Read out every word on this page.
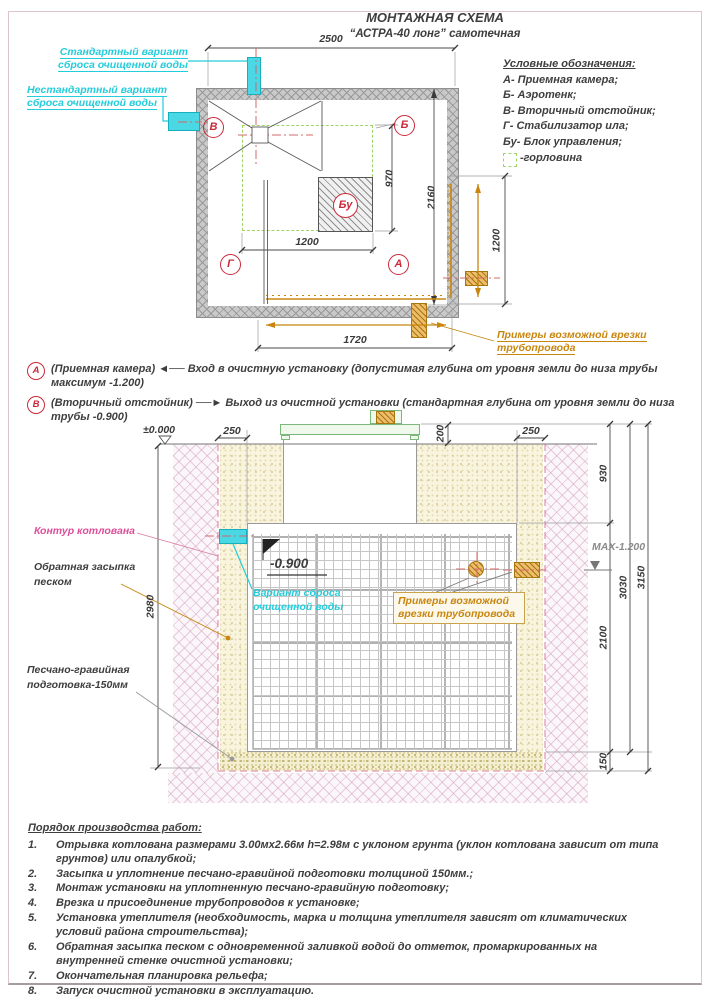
МОНТАЖНАЯ СХЕМА
“АСТРА-40 лонг” самотечная
В	Б
Г	А
Бу
2500
970
2160
1200	1200
1720
Стандартный вариант
сброса очищенной воды
Нестандартный вариант
сброса очищенной воды
Примеры возможной врезки
трубопровода
Условные обозначения:
А- Приемная камера;
Б- Аэротенк;
В- Вторичный отстойник;
Г- Стабилизатор ила;
Бу- Блок управления;
-горловина
А	(Приемная камера) ◄── Вход в очистную установку (допустимая глубина от уровня земли до низа трубы максимум -1.200)
В	(Вторичный отстойник) ──► Выход из очистной установки (стандартная глубина от уровня земли до низа трубы -0.900)
±0.000	250	200	250
930
2100
150
3030 3150
2980
МАХ-1.200
-0.900
Вариант сброса
очищенной воды	Примеры возможной
врезки трубопровода
Контур котлована
Обратная засыпка
песком
Песчано-гравийная
подготовка-150мм
Порядок производства работ:
1.	Отрывка котлована размерами 3.00мх2.66м h=2.98м с уклоном грунта (уклон котлована зависит от типа грунтов) или опалубкой;
2.	Засыпка и уплотнение песчано-гравийной подготовки толщиной 150мм.;
3.	Монтаж установки на уплотненную песчано-гравийную подготовку;
4.	Врезка и присоединение трубопроводов к установке;
5.	Установка утеплителя (необходимость, марка и толщина утеплителя зависят от климатических условий района строительства);
6.	Обратная засыпка песком с одновременной заливкой водой до отметок, промаркированных на внутренней стенке очистной установки;
7.	Окончательная планировка рельефа;
8.	Запуск очистной установки в эксплуатацию.
